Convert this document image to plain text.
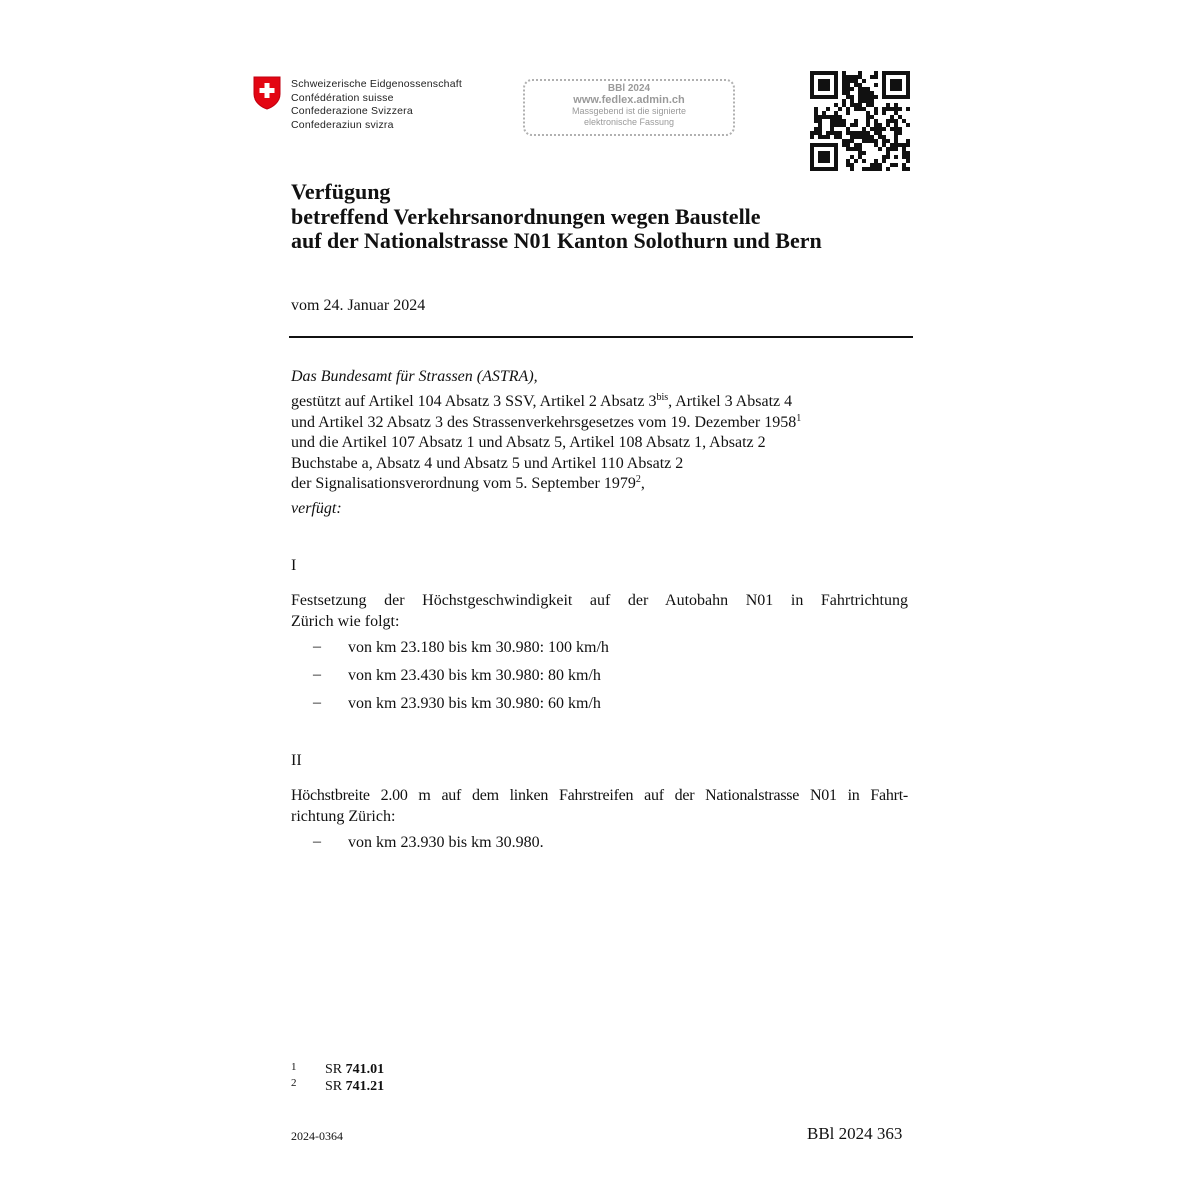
Schweizerische Eidgenossenschaft
Confédération suisse
Confederazione Svizzera
Confederaziun svizra
BBl 2024
www.fedlex.admin.ch
Massgebend ist die signierte
elektronische Fassung
Verfügung
betreffend Verkehrsanordnungen wegen Baustelle
auf der Nationalstrasse N01 Kanton Solothurn und Bern
vom 24. Januar 2024
Das Bundesamt für Strassen (ASTRA),
gestützt auf Artikel 104 Absatz 3 SSV, Artikel 2 Absatz $3^{bis}$, Artikel 3 Absatz 4
und Artikel 32 Absatz 3 des Strassenverkehrsgesetzes vom 19. Dezember 1958$^1$
und die Artikel 107 Absatz 1 und Absatz 5, Artikel 108 Absatz 1, Absatz 2
Buchstabe a, Absatz 4 und Absatz 5 und Artikel 110 Absatz 2
der Signalisationsverordnung vom 5. September 1979$^2$,
verfügt:
I
Festsetzung der Höchstgeschwindigkeit auf der Autobahn N01 in Fahrtrichtung
Zürich wie folgt:
– von km 23.180 bis km 30.980: 100 km/h
– von km 23.430 bis km 30.980: 80 km/h
– von km 23.930 bis km 30.980: 60 km/h
II
Höchstbreite 2.00 m auf dem linken Fahrstreifen auf der Nationalstrasse N01 in Fahrt-
richtung Zürich:
– von km 23.930 bis km 30.980.
$^1$ SR 741.01
$^2$ SR 741.21
2024-0364	BBl 2024 363
